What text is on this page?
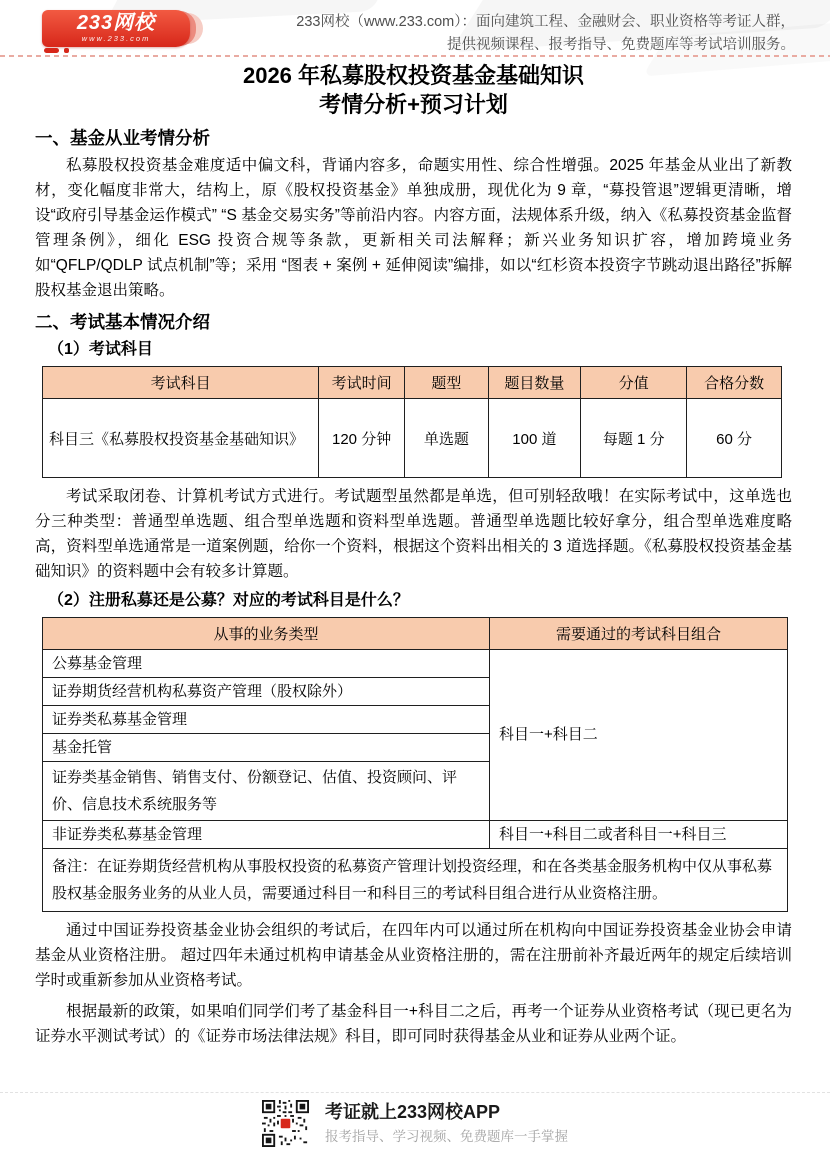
233网校
www.233.com
233网校（www.233.com）：面向建筑工程、金融财会、职业资格等考证人群，
提供视频课程、报考指导、免费题库等考试培训服务。
2026 年私募股权投资基金基础知识
考情分析+预习计划
一、基金从业考情分析

私募股权投资基金难度适中偏文科，背诵内容多，命题实用性、综合性增强。2025 年基金从业出了新教材，变化幅度非常大，结构上，原《股权投资基金》单独成册，现优化为 9 章，“募投管退”逻辑更清晰，增设“政府引导基金运作模式” “S 基金交易实务”等前沿内容。内容方面，法规体系升级，纳入《私募投资基金监督管理条例》，细化 ESG 投资合规等条款，更新相关司法解释；新兴业务知识扩容，增加跨境业务如“QFLP/QDLP 试点机制”等；采用 “图表 + 案例 + 延伸阅读”编排，如以“红杉资本投资字节跳动退出路径”拆解股权基金退出策略。

二、考试基本情况介绍
（1）考试科目
考试科目	考试时间	题型	题目数量	分值	合格分数
科目三《私募股权投资基金基础知识》	120 分钟	单选题	100 道	每题 1 分	60 分

考试采取闭卷、计算机考试方式进行。考试题型虽然都是单选，但可别轻敌哦！在实际考试中，这单选也分三种类型：普通型单选题、组合型单选题和资料型单选题。普通型单选题比较好拿分，组合型单选难度略高，资料型单选通常是一道案例题，给你一个资料，根据这个资料出相关的 3 道选择题。《私募股权投资基金基础知识》的资料题中会有较多计算题。

（2）注册私募还是公募？对应的考试科目是什么？
从事的业务类型	需要通过的考试科目组合
公募基金管理	科目一+科目二
证券期货经营机构私募资产管理（股权除外）	
证券类私募基金管理	
基金托管	
证券类基金销售、销售支付、份额登记、估值、投资顾问、评价、信息技术系统服务等	
非证券类私募基金管理	科目一+科目二或者科目一+科目三
备注：在证券期货经营机构从事股权投资的私募资产管理计划投资经理，和在各类基金服务机构中仅从事私募股权基金服务业务的从业人员，需要通过科目一和科目三的考试科目组合进行从业资格注册。	

通过中国证券投资基金业协会组织的考试后，在四年内可以通过所在机构向中国证券投资基金业协会申请基金从业资格注册。 超过四年未通过机构申请基金从业资格注册的，需在注册前补齐最近两年的规定后续培训学时或重新参加从业资格考试。

根据最新的政策，如果咱们同学们考了基金科目一+科目二之后，再考一个证券从业资格考试（现已更名为证券水平测试考试）的《证券市场法律法规》科目，即可同时获得基金从业和证券从业两个证。

考证就上233网校APP
报考指导、学习视频、免费题库一手掌握
